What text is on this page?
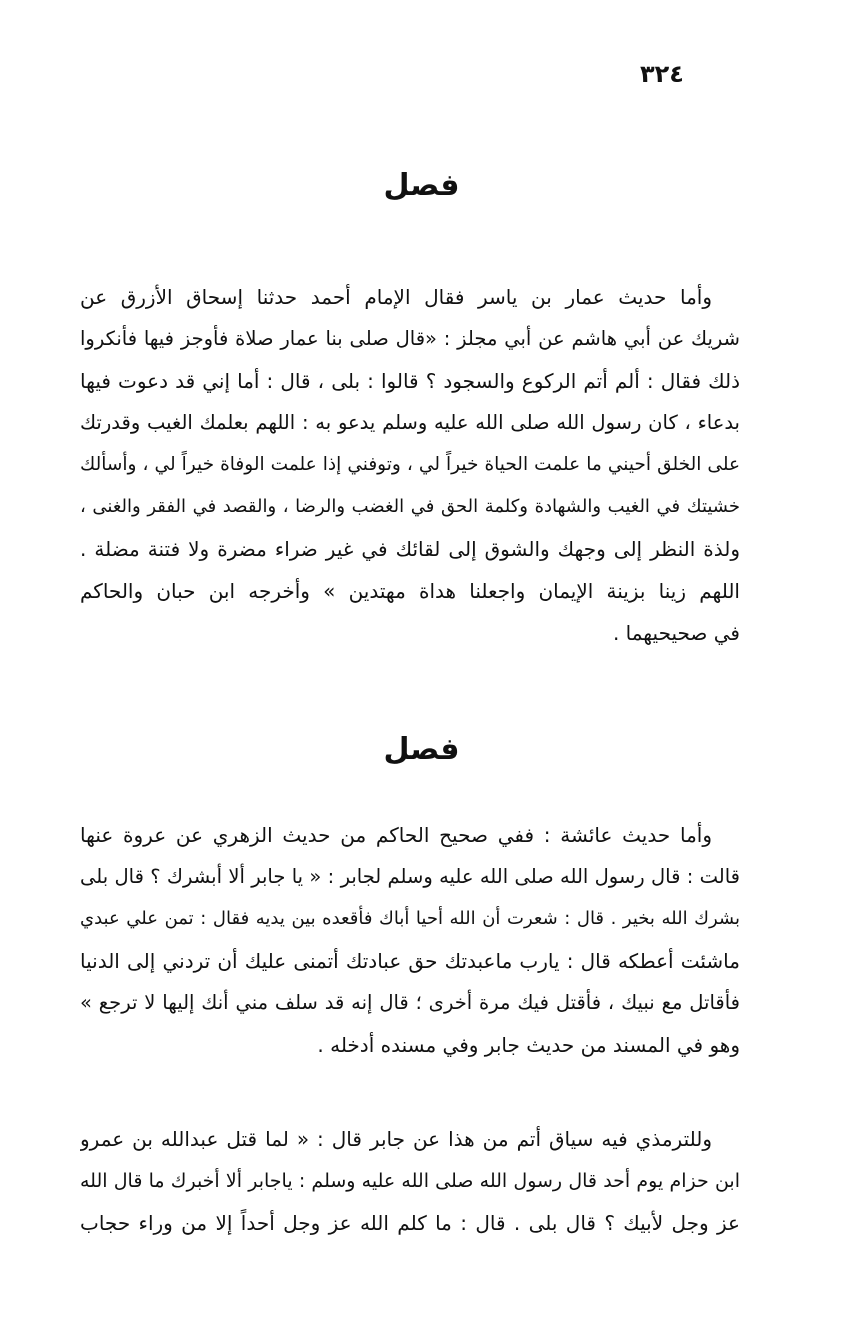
٣٢٤
فصل
وأما حديث عمار بن ياسر فقال الإمام أحمد حدثنا إسحاق الأزرق عن
شريك عن أبي هاشم عن أبي مجلز : «قال صلى بنا عمار صلاة فأوجز فيها فأنكروا
ذلك فقال : ألم أتم الركوع والسجود ؟ قالوا : بلى ، قال : أما إني قد دعوت فيها
بدعاء ، كان رسول الله صلى الله عليه وسلم يدعو به : اللهم بعلمك الغيب وقدرتك
على الخلق أحيني ما علمت الحياة خيراً لي ، وتوفني إذا علمت الوفاة خيراً لي ، وأسألك
خشيتك في الغيب والشهادة وكلمة الحق في الغضب والرضا ، والقصد في الفقر والغنى ،
ولذة النظر إلى وجهك والشوق إلى لقائك في غير ضراء مضرة ولا فتنة مضلة .
اللهم زينا بزينة الإيمان واجعلنا هداة مهتدين » وأخرجه ابن حبان والحاكم
في صحيحيهما .
فصل
وأما حديث عائشة : ففي صحيح الحاكم من حديث الزهري عن عروة عنها
قالت : قال رسول الله صلى الله عليه وسلم لجابر : « يا جابر ألا أبشرك ؟ قال بلى
بشرك الله بخير . قال : شعرت أن الله أحيا أباك فأقعده بين يديه فقال : تمن علي عبدي
ماشئت أعطكه قال : يارب ماعبدتك حق عبادتك أتمنى عليك أن تردني إلى الدنيا
فأقاتل مع نبيك ، فأقتل فيك مرة أخرى ؛ قال إنه قد سلف مني أنك إليها لا ترجع »
وهو في المسند من حديث جابر وفي مسنده أدخله .
وللترمذي فيه سياق أتم من هذا عن جابر قال : « لما قتل عبدالله بن عمرو
ابن حزام يوم أحد قال رسول الله صلى الله عليه وسلم : ياجابر ألا أخبرك ما قال الله
عز وجل لأبيك ؟ قال بلى . قال : ما كلم الله عز وجل أحداً إلا من وراء حجاب
